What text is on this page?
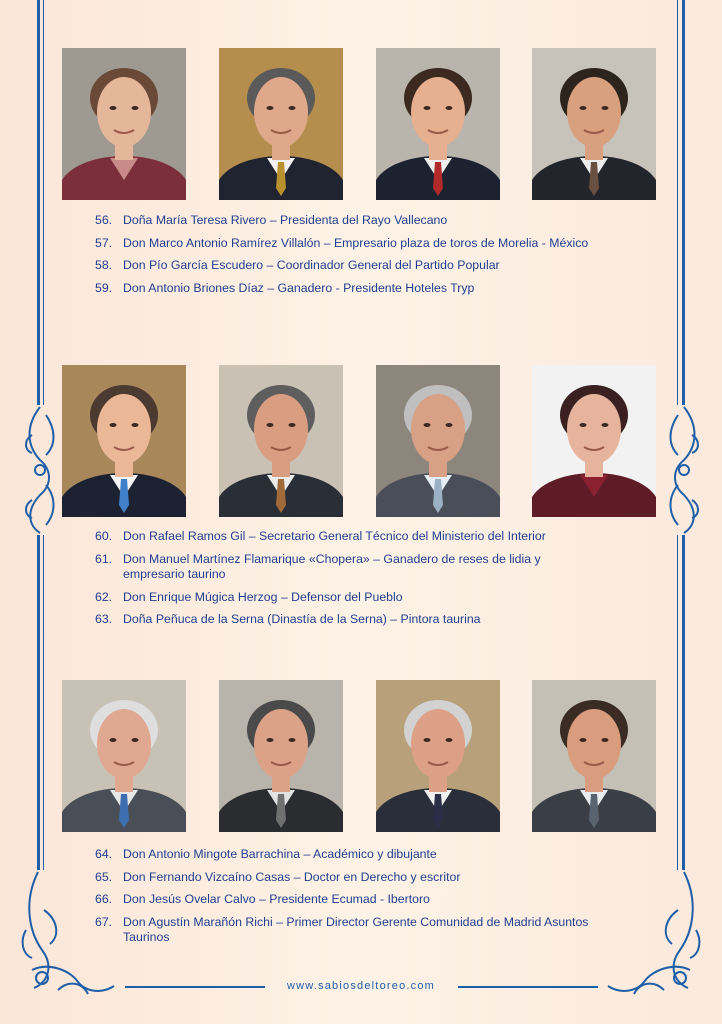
56. Doña María Teresa Rivero – Presidenta del Rayo Vallecano
57. Don Marco Antonio Ramírez Villalón – Empresario plaza de toros de Morelia - México
58. Don Pío García Escudero – Coordinador General del Partido Popular
59. Don Antonio Briones Díaz – Ganadero - Presidente Hoteles Tryp
60. Don Rafael Ramos Gil – Secretario General Técnico del Ministerio del Interior
61. Don Manuel Martínez Flamarique «Chopera» – Ganadero de reses de lidia y empresario taurino
62. Don Enrique Múgica Herzog – Defensor del Pueblo
63. Doña Peñuca de la Serna (Dinastía de la Serna) – Pintora taurina
64. Don Antonio Mingote Barrachina – Académico y dibujante
65. Don Fernando Vizcaíno Casas – Doctor en Derecho y escritor
66. Don Jesús Ovelar Calvo – Presidente Ecumad - Ibertoro
67. Don Agustín Marañón Richi – Primer Director Gerente Comunidad de Madrid Asuntos Taurinos
www.sabiosdeltoreo.com
